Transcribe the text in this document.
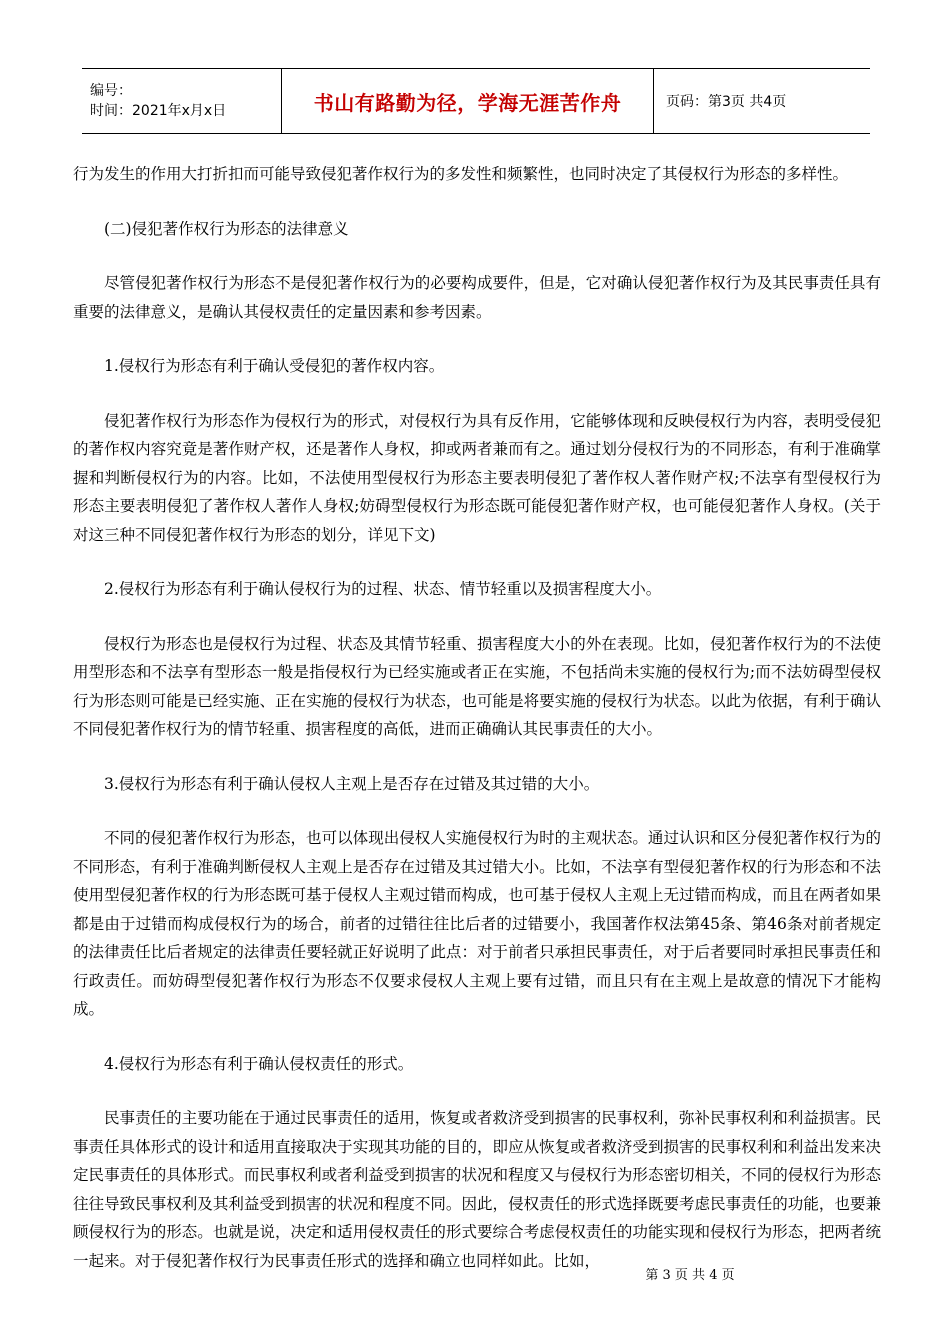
编号：
时间：2021年x月x日	书山有路勤为径，学海无涯苦作舟	页码：第3页 共4页

行为发生的作用大打折扣而可能导致侵犯著作权行为的多发性和频繁性，也同时决定了其侵权行为形态的多样性。

(二)侵犯著作权行为形态的法律意义

尽管侵犯著作权行为形态不是侵犯著作权行为的必要构成要件，但是，它对确认侵犯著作权行为及其民事责任具有重要的法律意义，是确认其侵权责任的定量因素和参考因素。

1.侵权行为形态有利于确认受侵犯的著作权内容。

侵犯著作权行为形态作为侵权行为的形式，对侵权行为具有反作用，它能够体现和反映侵权行为内容，表明受侵犯的著作权内容究竟是著作财产权，还是著作人身权，抑或两者兼而有之。通过划分侵权行为的不同形态，有利于准确掌握和判断侵权行为的内容。比如，不法使用型侵权行为形态主要表明侵犯了著作权人著作财产权;不法享有型侵权行为形态主要表明侵犯了著作权人著作人身权;妨碍型侵权行为形态既可能侵犯著作财产权，也可能侵犯著作人身权。(关于对这三种不同侵犯著作权行为形态的划分，详见下文)

2.侵权行为形态有利于确认侵权行为的过程、状态、情节轻重以及损害程度大小。

侵权行为形态也是侵权行为过程、状态及其情节轻重、损害程度大小的外在表现。比如，侵犯著作权行为的不法使用型形态和不法享有型形态一般是指侵权行为已经实施或者正在实施，不包括尚未实施的侵权行为;而不法妨碍型侵权行为形态则可能是已经实施、正在实施的侵权行为状态，也可能是将要实施的侵权行为状态。以此为依据，有利于确认不同侵犯著作权行为的情节轻重、损害程度的高低，进而正确确认其民事责任的大小。

3.侵权行为形态有利于确认侵权人主观上是否存在过错及其过错的大小。

不同的侵犯著作权行为形态，也可以体现出侵权人实施侵权行为时的主观状态。通过认识和区分侵犯著作权行为的不同形态，有利于准确判断侵权人主观上是否存在过错及其过错大小。比如，不法享有型侵犯著作权的行为形态和不法使用型侵犯著作权的行为形态既可基于侵权人主观过错而构成，也可基于侵权人主观上无过错而构成，而且在两者如果都是由于过错而构成侵权行为的场合，前者的过错往往比后者的过错要小，我国著作权法第45条、第46条对前者规定的法律责任比后者规定的法律责任要轻就正好说明了此点：对于前者只承担民事责任，对于后者要同时承担民事责任和行政责任。而妨碍型侵犯著作权行为形态不仅要求侵权人主观上要有过错，而且只有在主观上是故意的情况下才能构成。

4.侵权行为形态有利于确认侵权责任的形式。

民事责任的主要功能在于通过民事责任的适用，恢复或者救济受到损害的民事权利，弥补民事权利和利益损害。民事责任具体形式的设计和适用直接取决于实现其功能的目的，即应从恢复或者救济受到损害的民事权利和利益出发来决定民事责任的具体形式。而民事权利或者利益受到损害的状况和程度又与侵权行为形态密切相关，不同的侵权行为形态往往导致民事权利及其利益受到损害的状况和程度不同。因此，侵权责任的形式选择既要考虑民事责任的功能，也要兼顾侵权行为的形态。也就是说，决定和适用侵权责任的形式要综合考虑侵权责任的功能实现和侵权行为形态，把两者统一起来。对于侵犯著作权行为民事责任形式的选择和确立也同样如此。比如，

第 3 页 共 4 页
